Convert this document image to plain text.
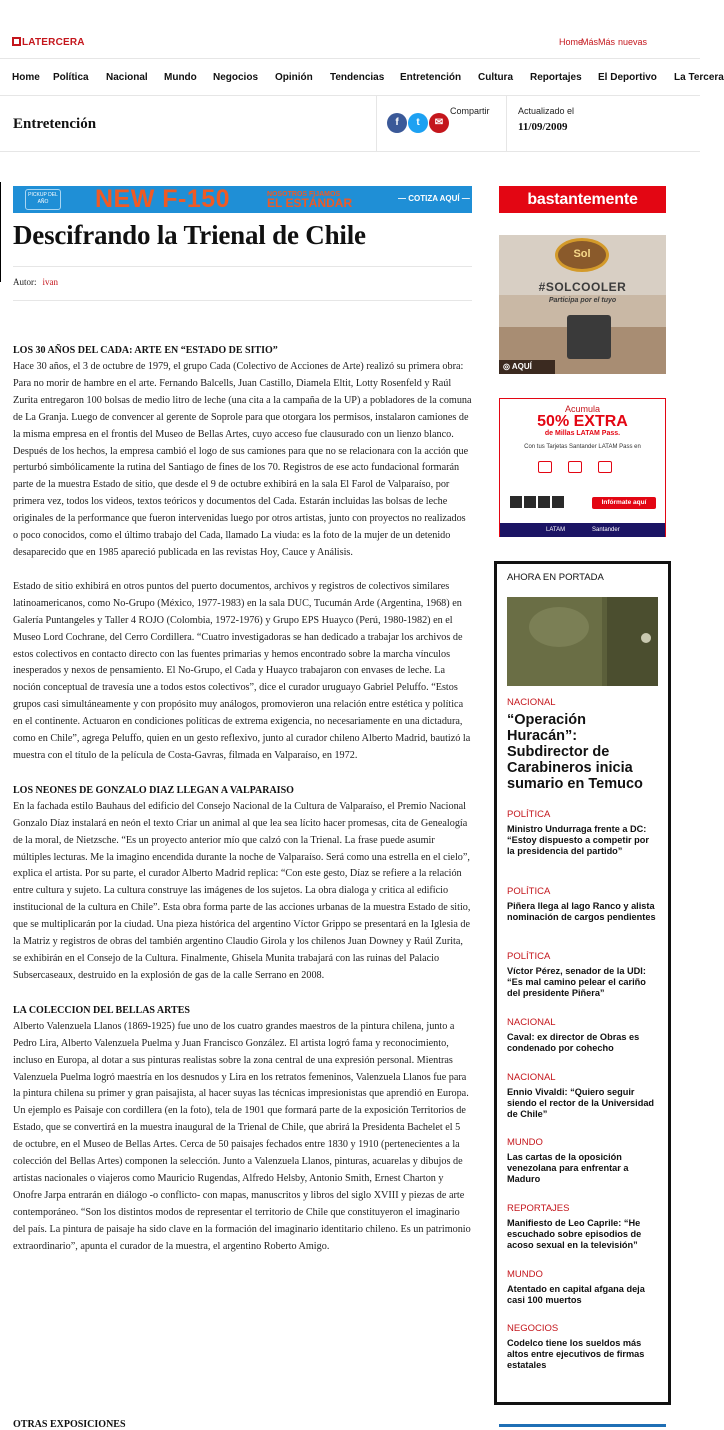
LATERCERA	Home
Más Más nuevas
Home Política Nacional Mundo Negocios Opinión Tendencias Entretención Cultura Reportajes El Deportivo La Tercera
Entretención	f	t	✉
Compartir	Actualizado el
11/09/2009
PICKUP DEL AÑO	NEW F-150	NOSOTROS FIJAMOS
EL ESTÁNDAR	— COTIZA AQUÍ —
Descifrando la Trienal de Chile
Autor: ivan
LOS 30 AÑOS DEL CADA: ARTE EN “ESTADO DE SITIO”

Hace 30 años, el 3 de octubre de 1979, el grupo Cada (Colectivo de Acciones de Arte) realizó su primera obra: Para no morir de hambre en el arte. Fernando Balcells, Juan Castillo, Diamela Eltit, Lotty Rosenfeld y Raúl Zurita entregaron 100 bolsas de medio litro de leche (una cita a la campaña de la UP) a pobladores de la comuna de La Granja. Luego de convencer al gerente de Soprole para que otorgara los permisos, instalaron camiones de la misma empresa en el frontis del Museo de Bellas Artes, cuyo acceso fue clausurado con un lienzo blanco. Después de los hechos, la empresa cambió el logo de sus camiones para que no se relacionara con la acción que perturbó simbólicamente la rutina del Santiago de fines de los 70. Registros de ese acto fundacional formarán parte de la muestra Estado de sitio, que desde el 9 de octubre exhibirá en la sala El Farol de Valparaíso, por primera vez, todos los videos, textos teóricos y documentos del Cada. Estarán incluidas las bolsas de leche originales de la performance que fueron intervenidas luego por otros artistas, junto con proyectos no realizados o poco conocidos, como el último trabajo del Cada, llamado La viuda: es la foto de la mujer de un detenido desaparecido que en 1985 apareció publicada en las revistas Hoy, Cauce y Análisis.

Estado de sitio exhibirá en otros puntos del puerto documentos, archivos y registros de colectivos similares latinoamericanos, como No-Grupo (México, 1977-1983) en la sala DUC, Tucumán Arde (Argentina, 1968) en Galería Puntangeles y Taller 4 ROJO (Colombia, 1972-1976) y Grupo EPS Huayco (Perú, 1980-1982) en el Museo Lord Cochrane, del Cerro Cordillera. “Cuatro investigadoras se han dedicado a trabajar los archivos de estos colectivos en contacto directo con las fuentes primarias y hemos encontrado sobre la marcha vínculos inesperados y nexos de pensamiento. El No-Grupo, el Cada y Huayco trabajaron con envases de leche. La noción conceptual de travesía une a todos estos colectivos”, dice el curador uruguayo Gabriel Peluffo. “Estos grupos casi simultáneamente y con propósito muy análogos, promovieron una relación entre estética y política en el continente. Actuaron en condiciones políticas de extrema exigencia, no necesariamente en una dictadura, como en Chile”, agrega Peluffo, quien en un gesto reflexivo, junto al curador chileno Alberto Madrid, bautizó la muestra con el título de la película de Costa-Gavras, filmada en Valparaíso, en 1972.

LOS NEONES DE GONZALO DIAZ LLEGAN A VALPARAISO

En la fachada estilo Bauhaus del edificio del Consejo Nacional de la Cultura de Valparaíso, el Premio Nacional Gonzalo Díaz instalará en neón el texto Criar un animal al que lea sea lícito hacer promesas, cita de Genealogía de la moral, de Nietzsche. “Es un proyecto anterior mío que calzó con la Trienal. La frase puede asumir múltiples lecturas. Me la imagino encendida durante la noche de Valparaíso. Será como una estrella en el cielo”, explica el artista. Por su parte, el curador Alberto Madrid replica: “Con este gesto, Díaz se refiere a la relación entre cultura y sujeto. La cultura construye las imágenes de los sujetos. La obra dialoga y critica al edificio institucional de la cultura en Chile”. Esta obra forma parte de las acciones urbanas de la muestra Estado de sitio, que se multiplicarán por la ciudad. Una pieza histórica del argentino Víctor Grippo se presentará en la Iglesia de la Matriz y registros de obras del también argentino Claudio Girola y los chilenos Juan Downey y Raúl Zurita, se exhibirán en el Consejo de la Cultura. Finalmente, Ghisela Munita trabajará con las ruinas del Palacio Subsercaseaux, destruido en la explosión de gas de la calle Serrano en 2008.

LA COLECCION DEL BELLAS ARTES

Alberto Valenzuela Llanos (1869-1925) fue uno de los cuatro grandes maestros de la pintura chilena, junto a Pedro Lira, Alberto Valenzuela Puelma y Juan Francisco González. El artista logró fama y reconocimiento, incluso en Europa, al dotar a sus pinturas realistas sobre la zona central de una expresión personal. Mientras Valenzuela Puelma logró maestría en los desnudos y Lira en los retratos femeninos, Valenzuela Llanos fue para la pintura chilena su primer y gran paisajista, al hacer suyas las técnicas impresionistas que aprendió en Europa. Un ejemplo es Paisaje con cordillera (en la foto), tela de 1901 que formará parte de la exposición Territorios de Estado, que se convertirá en la muestra inaugural de la Trienal de Chile, que abrirá la Presidenta Bachelet el 5 de octubre, en el Museo de Bellas Artes. Cerca de 50 paisajes fechados entre 1830 y 1910 (pertenecientes a la colección del Bellas Artes) componen la selección. Junto a Valenzuela Llanos, pinturas, acuarelas y dibujos de artistas nacionales o viajeros como Mauricio Rugendas, Alfredo Helsby, Antonio Smith, Ernest Charton y Onofre Jarpa entrarán en diálogo -o conflicto- con mapas, manuscritos y libros del siglo XVIII y piezas de arte contemporáneo. “Son los distintos modos de representar el territorio de Chile que constituyeron el imaginario del país. La pintura de paisaje ha sido clave en la formación del imaginario identitario chileno. Es un patrimonio extraordinario”, apunta el curador de la muestra, el argentino Roberto Amigo.

OTRAS EXPOSICIONES
bastantemente
Sol
#SOLCOOLER
Participa por el tuyo
◎ AQUÍ
Acumula
50% EXTRA
de Millas LATAM Pass.
Con tus Tarjetas Santander LATAM Pass en
Infórmate aquí
LATAM	Santander
AHORA EN PORTADA
NACIONAL
“Operación Huracán”: Subdirector de Carabineros inicia sumario en Temuco
POLÍTICA
Ministro Undurraga frente a DC: “Estoy dispuesto a competir por la presidencia del partido”
POLÍTICA
Piñera llega al lago Ranco y alista nominación de cargos pendientes
POLÍTICA
Víctor Pérez, senador de la UDI: “Es mal camino pelear el cariño del presidente Piñera”
NACIONAL
Caval: ex director de Obras es condenado por cohecho
NACIONAL
Ennio Vivaldi: “Quiero seguir siendo el rector de la Universidad de Chile”
MUNDO
Las cartas de la oposición venezolana para enfrentar a Maduro
REPORTAJES
Manifiesto de Leo Caprile: “He escuchado sobre episodios de acoso sexual en la televisión”
MUNDO
Atentado en capital afgana deja casi 100 muertos
NEGOCIOS
Codelco tiene los sueldos más altos entre ejecutivos de firmas estatales
